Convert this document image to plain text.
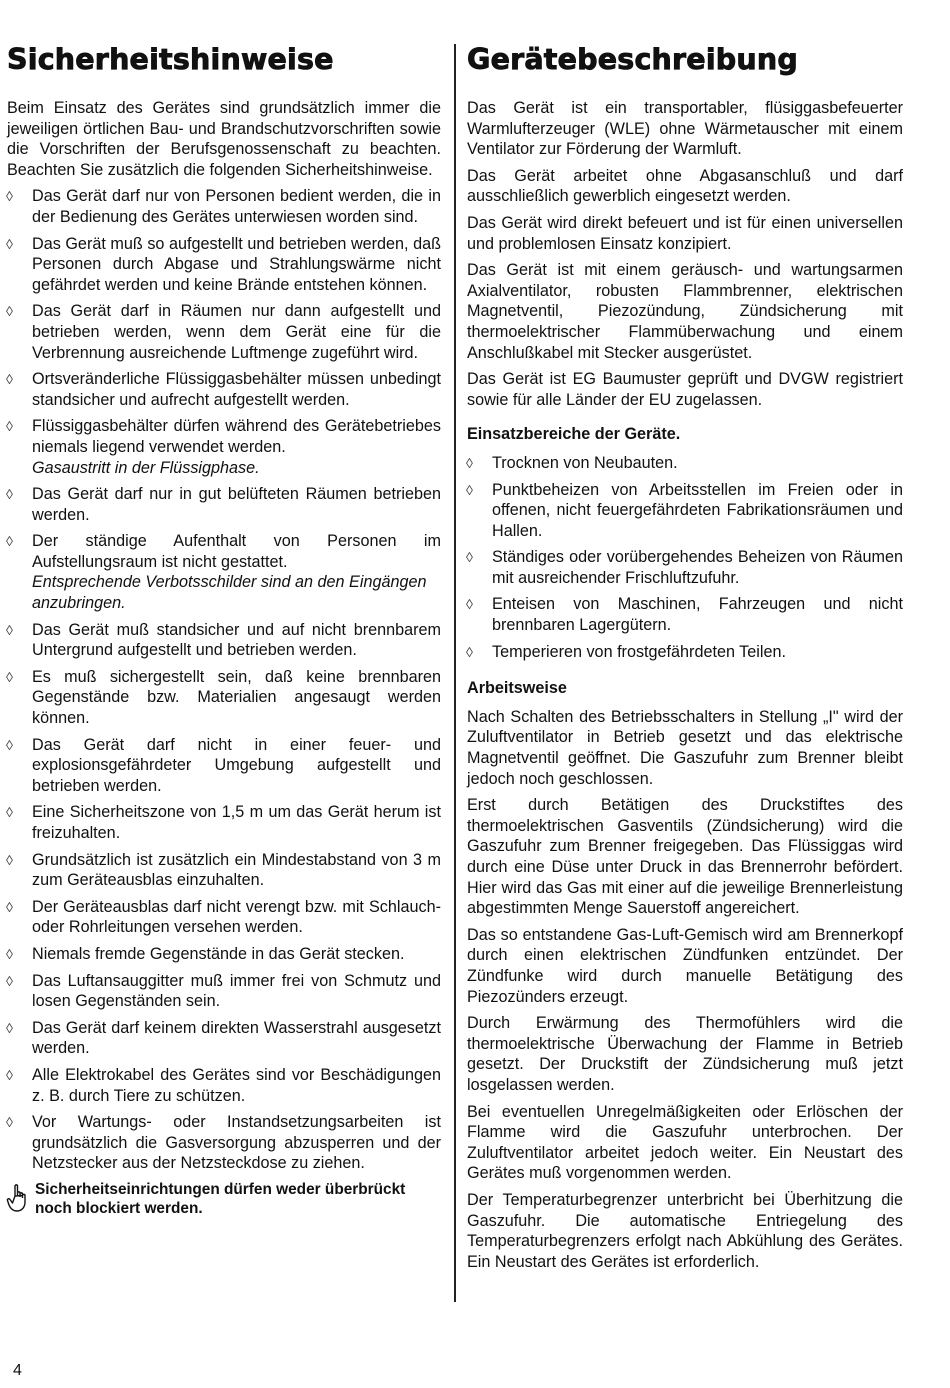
Sicherheitshinweise

Beim Einsatz des Gerätes sind grundsätzlich immer die jeweiligen örtlichen Bau- und Brandschutzvorschriften sowie die Vorschriften der Berufsgenossenschaft zu beachten. Beachten Sie zusätzlich die folgenden Sicherheitshinweise.

◊ Das Gerät darf nur von Personen bedient werden, die in der Bedienung des Gerätes unterwiesen worden sind.
◊ Das Gerät muß so aufgestellt und betrieben werden, daß Personen durch Abgase und Strahlungswärme nicht gefährdet werden und keine Brände entstehen können.
◊ Das Gerät darf in Räumen nur dann aufgestellt und betrieben werden, wenn dem Gerät eine für die Verbrennung ausreichende Luftmenge zugeführt wird.
◊ Ortsveränderliche Flüssiggasbehälter müssen unbedingt standsicher und aufrecht aufgestellt werden.
◊ Flüssiggasbehälter dürfen während des Gerätebetriebes niemals liegend verwendet werden.
Gasaustritt in der Flüssigphase.
◊ Das Gerät darf nur in gut belüfteten Räumen betrieben werden.
◊ Der ständige Aufenthalt von Personen im Aufstellungsraum ist nicht gestattet.
Entsprechende Verbotsschilder sind an den Eingängen anzubringen.
◊ Das Gerät muß standsicher und auf nicht brennbarem Untergrund aufgestellt und betrieben werden.
◊ Es muß sichergestellt sein, daß keine brennbaren Gegenstände bzw. Materialien angesaugt werden können.
◊ Das Gerät darf nicht in einer feuer- und explosionsgefährdeter Umgebung aufgestellt und betrieben werden.
◊ Eine Sicherheitszone von 1,5 m um das Gerät herum ist freizuhalten.
◊ Grundsätzlich ist zusätzlich ein Mindestabstand von 3 m zum Geräteausblas einzuhalten.
◊ Der Geräteausblas darf nicht verengt bzw. mit Schlauch- oder Rohrleitungen versehen werden.
◊ Niemals fremde Gegenstände in das Gerät stecken.
◊ Das Luftansauggitter muß immer frei von Schmutz und losen Gegenständen sein.
◊ Das Gerät darf keinem direkten Wasserstrahl ausgesetzt werden.
◊ Alle Elektrokabel des Gerätes sind vor Beschädigungen z. B. durch Tiere zu schützen.
◊ Vor Wartungs- oder Instandsetzungsarbeiten ist grundsätzlich die Gasversorgung abzusperren und der Netzstecker aus der Netzsteckdose zu ziehen.
Sicherheitseinrichtungen dürfen weder überbrückt noch blockiert werden.
Gerätebeschreibung

Das Gerät ist ein transportabler, flüsiggasbefeuerter Warmlufterzeuger (WLE) ohne Wärmetauscher mit einem Ventilator zur Förderung der Warmluft.

Das Gerät arbeitet ohne Abgasanschluß und darf ausschließlich gewerblich eingesetzt werden.

Das Gerät wird direkt befeuert und ist für einen universellen und problemlosen Einsatz konzipiert.

Das Gerät ist mit einem geräusch- und wartungsarmen Axialventilator, robusten Flammbrenner, elektrischen Magnetventil, Piezozündung, Zündsicherung mit thermoelektrischer Flammüberwachung und einem Anschlußkabel mit Stecker ausgerüstet.

Das Gerät ist EG Baumuster geprüft und DVGW registriert sowie für alle Länder der EU zugelassen.

Einsatzbereiche der Geräte.
◊ Trocknen von Neubauten.
◊ Punktbeheizen von Arbeitsstellen im Freien oder in offenen, nicht feuergefährdeten Fabrikationsräumen und Hallen.
◊ Ständiges oder vorübergehendes Beheizen von Räumen mit ausreichender Frischluftzufuhr.
◊ Enteisen von Maschinen, Fahrzeugen und nicht brennbaren Lagergütern.
◊ Temperieren von frostgefährdeten Teilen.
Arbeitsweise

Nach Schalten des Betriebsschalters in Stellung „I" wird der Zuluftventilator in Betrieb gesetzt und das elektrische Magnetventil geöffnet. Die Gaszufuhr zum Brenner bleibt jedoch noch geschlossen.

Erst durch Betätigen des Druckstiftes des thermoelektrischen Gasventils (Zündsicherung) wird die Gaszufuhr zum Brenner freigegeben. Das Flüssiggas wird durch eine Düse unter Druck in das Brennerrohr befördert. Hier wird das Gas mit einer auf die jeweilige Brennerleistung abgestimmten Menge Sauerstoff angereichert.

Das so entstandene Gas-Luft-Gemisch wird am Brennerkopf durch einen elektrischen Zündfunken entzündet. Der Zündfunke wird durch manuelle Betätigung des Piezozünders erzeugt.

Durch Erwärmung des Thermofühlers wird die thermoelektrische Überwachung der Flamme in Betrieb gesetzt. Der Druckstift der Zündsicherung muß jetzt losgelassen werden.

Bei eventuellen Unregelmäßigkeiten oder Erlöschen der Flamme wird die Gaszufuhr unterbrochen. Der Zuluftventilator arbeitet jedoch weiter. Ein Neustart des Gerätes muß vorgenommen werden.

Der Temperaturbegrenzer unterbricht bei Überhitzung die Gaszufuhr. Die automatische Entriegelung des Temperaturbegrenzers erfolgt nach Abkühlung des Gerätes. Ein Neustart des Gerätes ist erforderlich.

4
